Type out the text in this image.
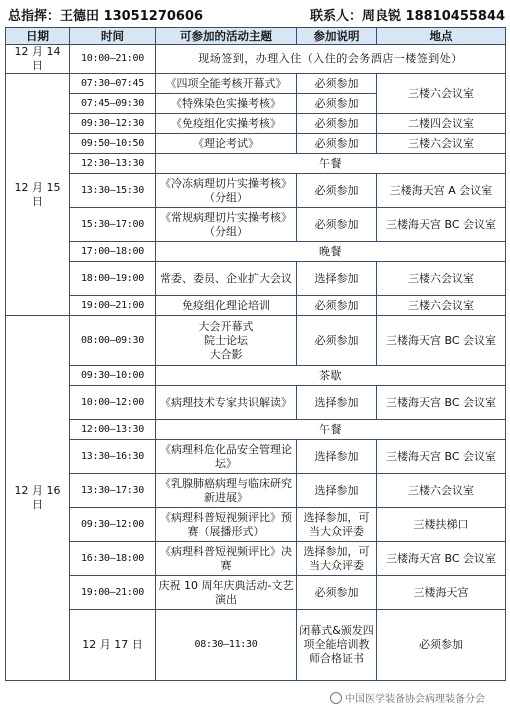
总指挥：王德田 13051270606	联系人：周良锐 18810455844
日期	时间	可参加的活动主题	参加说明	地点	
12 月 14 日	10:00—21:00	现场签到，办理入住（入住的会务酒店一楼签到处）			
12 月 15 日	07:30—07:45	《四项全能考核开幕式》	必须参加	三楼六会议室	
	07:45—09:30	《特殊染色实操考核》	必须参加		
	09:30—12:30	《免疫组化实操考核》	必须参加	二楼四会议室	
	09:50—10:50	《理论考试》	必须参加	三楼六会议室	
	12:30—13:30	午餐			
	13:30—15:30	《冷冻病理切片实操考核》（分组）	必须参加	三楼海天宫 A 会议室	
	15:30—17:00	《常规病理切片实操考核》（分组）	必须参加	三楼海天宫 BC 会议室	
	17:00—18:00	晚餐			
	18:00—19:00	常委、委员、企业扩大会议	选择参加	三楼六会议室	
	19:00—21:00	免疫组化理论培训	必须参加	三楼六会议室	
12 月 16 日	08:00—09:30	大会开幕式
院士论坛
大合影	必须参加	三楼海天宫 BC 会议室	
	09:30—10:00	茶歇			
	10:00—12:00	《病理技术专家共识解读》	选择参加	三楼海天宫 BC 会议室	
	12:00—13:30	午餐			
	13:30—16:30	《病理科危化品安全管理论坛》	选择参加	三楼海天宫 BC 会议室	
	13:30—17:30	《乳腺肺癌病理与临床研究新进展》	选择参加	三楼六会议室	
	09:30—12:00	《病理科普短视频评比》预赛（展播形式）	选择参加，可当大众评委	三楼扶梯口	
	16:30—18:00	《病理科普短视频评比》决赛	选择参加，可当大众评委	三楼海天宫 BC 会议室	
	19:00—21:00	庆祝 10 周年庆典活动-文艺演出	必须参加	三楼海天宫	
	12 月 17 日	08:30—11:30	闭幕式&颁发四项全能培训教师合格证书	必须参加	
中国医学装备协会病理装备分会
